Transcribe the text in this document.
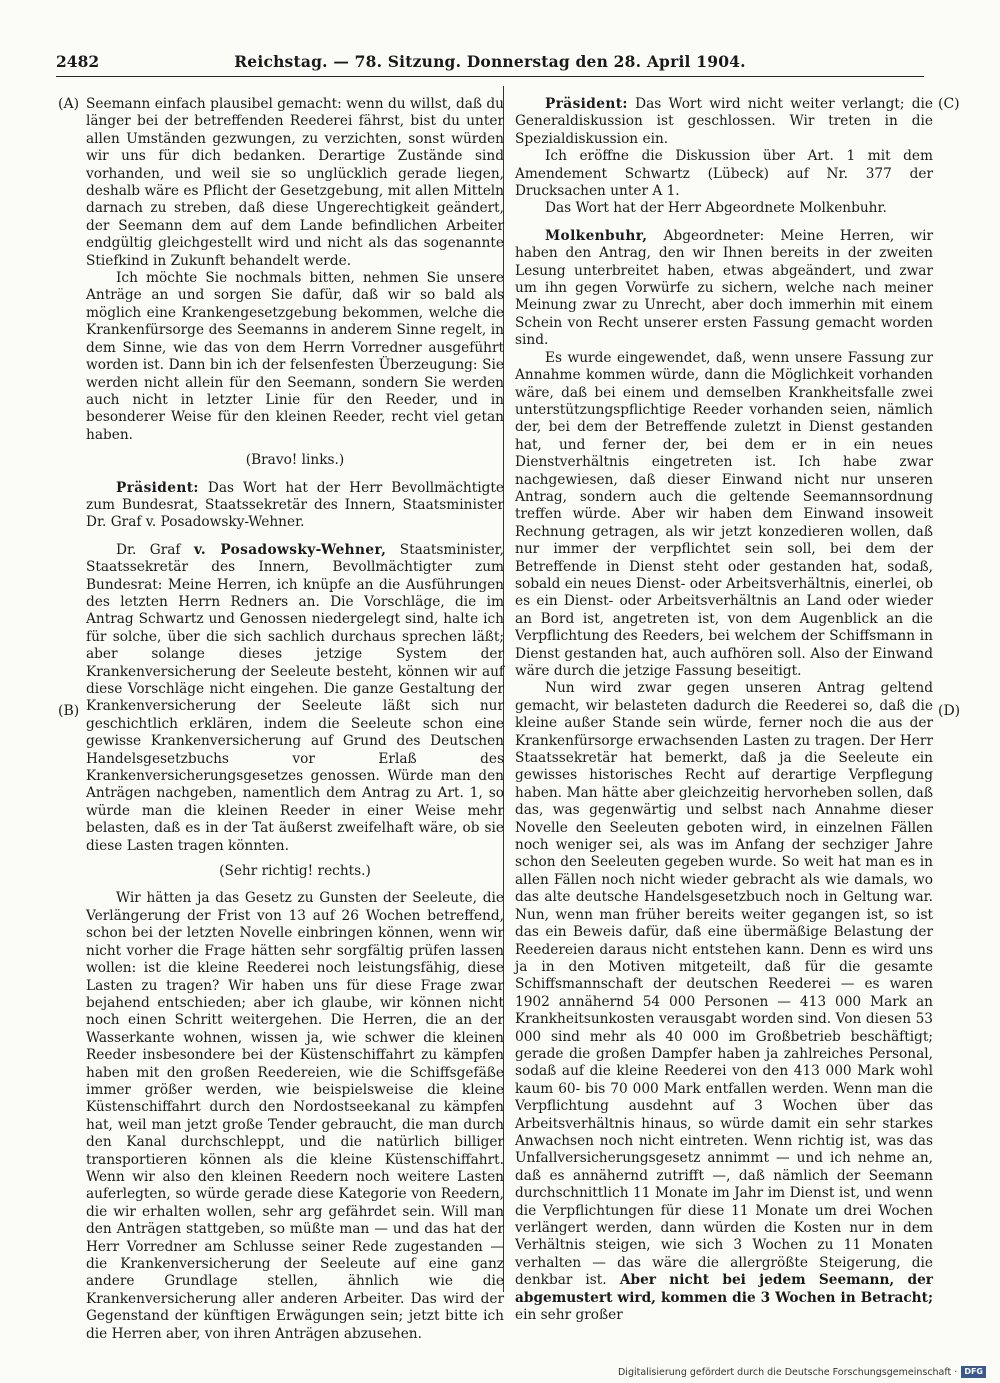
2482	Reichstag. — 78. Sitzung. Donnerstag den 28. April 1904.
(A)
(B)
(C)
(D)

Seemann einfach plausibel gemacht: wenn du willst, daß du länger bei der betreffenden Reederei fährst, bist du unter allen Umständen gezwungen, zu verzichten, sonst würden wir uns für dich bedanken. Derartige Zustände sind vorhanden, und weil sie so unglücklich gerade liegen, deshalb wäre es Pflicht der Gesetzgebung, mit allen Mitteln darnach zu streben, daß diese Ungerechtigkeit geändert, der Seemann dem auf dem Lande befindlichen Arbeiter endgültig gleichgestellt wird und nicht als das sogenannte Stiefkind in Zukunft behandelt werde.

Ich möchte Sie nochmals bitten, nehmen Sie unsere Anträge an und sorgen Sie dafür, daß wir so bald als möglich eine Krankengesetzgebung bekommen, welche die Krankenfürsorge des Seemanns in anderem Sinne regelt, in dem Sinne, wie das von dem Herrn Vorredner ausgeführt worden ist. Dann bin ich der felsenfesten Überzeugung: Sie werden nicht allein für den Seemann, sondern Sie werden auch nicht in letzter Linie für den Reeder, und in besonderer Weise für den kleinen Reeder, recht viel getan haben.

(Bravo! links.)

Präsident: Das Wort hat der Herr Bevollmächtigte zum Bundesrat, Staatssekretär des Innern, Staatsminister Dr. Graf v. Posadowsky-Wehner.

Dr. Graf v. Posadowsky-Wehner, Staatsminister, Staatssekretär des Innern, Bevollmächtigter zum Bundesrat: Meine Herren, ich knüpfe an die Ausführungen des letzten Herrn Redners an. Die Vorschläge, die im Antrag Schwartz und Genossen niedergelegt sind, halte ich für solche, über die sich sachlich durchaus sprechen läßt; aber solange dieses jetzige System der Krankenversicherung der Seeleute besteht, können wir auf diese Vorschläge nicht eingehen. Die ganze Gestaltung der Krankenversicherung der Seeleute läßt sich nur geschichtlich erklären, indem die Seeleute schon eine gewisse Krankenversicherung auf Grund des Deutschen Handelsgesetzbuchs vor Erlaß des Krankenversicherungsgesetzes genossen. Würde man den Anträgen nachgeben, namentlich dem Antrag zu Art. 1, so würde man die kleinen Reeder in einer Weise mehr belasten, daß es in der Tat äußerst zweifelhaft wäre, ob sie diese Lasten tragen könnten.

(Sehr richtig! rechts.)

Wir hätten ja das Gesetz zu Gunsten der Seeleute, die Verlängerung der Frist von 13 auf 26 Wochen betreffend, schon bei der letzten Novelle einbringen können, wenn wir nicht vorher die Frage hätten sehr sorgfältig prüfen lassen wollen: ist die kleine Reederei noch leistungsfähig, diese Lasten zu tragen? Wir haben uns für diese Frage zwar bejahend entschieden; aber ich glaube, wir können nicht noch einen Schritt weitergehen. Die Herren, die an der Wasserkante wohnen, wissen ja, wie schwer die kleinen Reeder insbesondere bei der Küstenschiffahrt zu kämpfen haben mit den großen Reedereien, wie die Schiffsgefäße immer größer werden, wie beispielsweise die kleine Küstenschiffahrt durch den Nordostseekanal zu kämpfen hat, weil man jetzt große Tender gebraucht, die man durch den Kanal durchschleppt, und die natürlich billiger transportieren können als die kleine Küstenschiffahrt. Wenn wir also den kleinen Reedern noch weitere Lasten auferlegten, so würde gerade diese Kategorie von Reedern, die wir erhalten wollen, sehr arg gefährdet sein. Will man den Anträgen stattgeben, so müßte man — und das hat der Herr Vorredner am Schlusse seiner Rede zugestanden — die Krankenversicherung der Seeleute auf eine ganz andere Grundlage stellen, ähnlich wie die Krankenversicherung aller anderen Arbeiter. Das wird der Gegenstand der künftigen Erwägungen sein; jetzt bitte ich die Herren aber, von ihren Anträgen abzusehen.

Präsident: Das Wort wird nicht weiter verlangt; die Generaldiskussion ist geschlossen. Wir treten in die Spezialdiskussion ein.

Ich eröffne die Diskussion über Art. 1 mit dem Amendement Schwartz (Lübeck) auf Nr. 377 der Drucksachen unter A 1.

Das Wort hat der Herr Abgeordnete Molkenbuhr.

Molkenbuhr, Abgeordneter: Meine Herren, wir haben den Antrag, den wir Ihnen bereits in der zweiten Lesung unterbreitet haben, etwas abgeändert, und zwar um ihn gegen Vorwürfe zu sichern, welche nach meiner Meinung zwar zu Unrecht, aber doch immerhin mit einem Schein von Recht unserer ersten Fassung gemacht worden sind.

Es wurde eingewendet, daß, wenn unsere Fassung zur Annahme kommen würde, dann die Möglichkeit vorhanden wäre, daß bei einem und demselben Krankheitsfalle zwei unterstützungspflichtige Reeder vorhanden seien, nämlich der, bei dem der Betreffende zuletzt in Dienst gestanden hat, und ferner der, bei dem er in ein neues Dienstverhältnis eingetreten ist. Ich habe zwar nachgewiesen, daß dieser Einwand nicht nur unseren Antrag, sondern auch die geltende Seemannsordnung treffen würde. Aber wir haben dem Einwand insoweit Rechnung getragen, als wir jetzt konzedieren wollen, daß nur immer der verpflichtet sein soll, bei dem der Betreffende in Dienst steht oder gestanden hat, sodaß, sobald ein neues Dienst- oder Arbeitsverhältnis, einerlei, ob es ein Dienst- oder Arbeitsverhältnis an Land oder wieder an Bord ist, angetreten ist, von dem Augenblick an die Verpflichtung des Reeders, bei welchem der Schiffsmann in Dienst gestanden hat, auch aufhören soll. Also der Einwand wäre durch die jetzige Fassung beseitigt.

Nun wird zwar gegen unseren Antrag geltend gemacht, wir belasteten dadurch die Reederei so, daß die kleine außer Stande sein würde, ferner noch die aus der Krankenfürsorge erwachsenden Lasten zu tragen. Der Herr Staatssekretär hat bemerkt, daß ja die Seeleute ein gewisses historisches Recht auf derartige Verpflegung haben. Man hätte aber gleichzeitig hervorheben sollen, daß das, was gegenwärtig und selbst nach Annahme dieser Novelle den Seeleuten geboten wird, in einzelnen Fällen noch weniger sei, als was im Anfang der sechziger Jahre schon den Seeleuten gegeben wurde. So weit hat man es in allen Fällen noch nicht wieder gebracht als wie damals, wo das alte deutsche Handelsgesetzbuch noch in Geltung war. Nun, wenn man früher bereits weiter gegangen ist, so ist das ein Beweis dafür, daß eine übermäßige Belastung der Reedereien daraus nicht entstehen kann. Denn es wird uns ja in den Motiven mitgeteilt, daß für die gesamte Schiffsmannschaft der deutschen Reederei — es waren 1902 annähernd 54 000 Personen — 413 000 Mark an Krankheitsunkosten verausgabt worden sind. Von diesen 53 000 sind mehr als 40 000 im Großbetrieb beschäftigt; gerade die großen Dampfer haben ja zahlreiches Personal, sodaß auf die kleine Reederei von den 413 000 Mark wohl kaum 60- bis 70 000 Mark entfallen werden. Wenn man die Verpflichtung ausdehnt auf 3 Wochen über das Arbeitsverhältnis hinaus, so würde damit ein sehr starkes Anwachsen noch nicht eintreten. Wenn richtig ist, was das Unfallversicherungsgesetz annimmt — und ich nehme an, daß es annähernd zutrifft —, daß nämlich der Seemann durchschnittlich 11 Monate im Jahr im Dienst ist, und wenn die Verpflichtungen für diese 11 Monate um drei Wochen verlängert werden, dann würden die Kosten nur in dem Verhältnis steigen, wie sich 3 Wochen zu 11 Monaten verhalten — das wäre die allergrößte Steigerung, die denkbar ist. Aber nicht bei jedem Seemann, der abgemustert wird, kommen die 3 Wochen in Betracht; ein sehr großer

Digitalisierung gefördert durch die Deutsche Forschungsgemeinschaft · DFG
